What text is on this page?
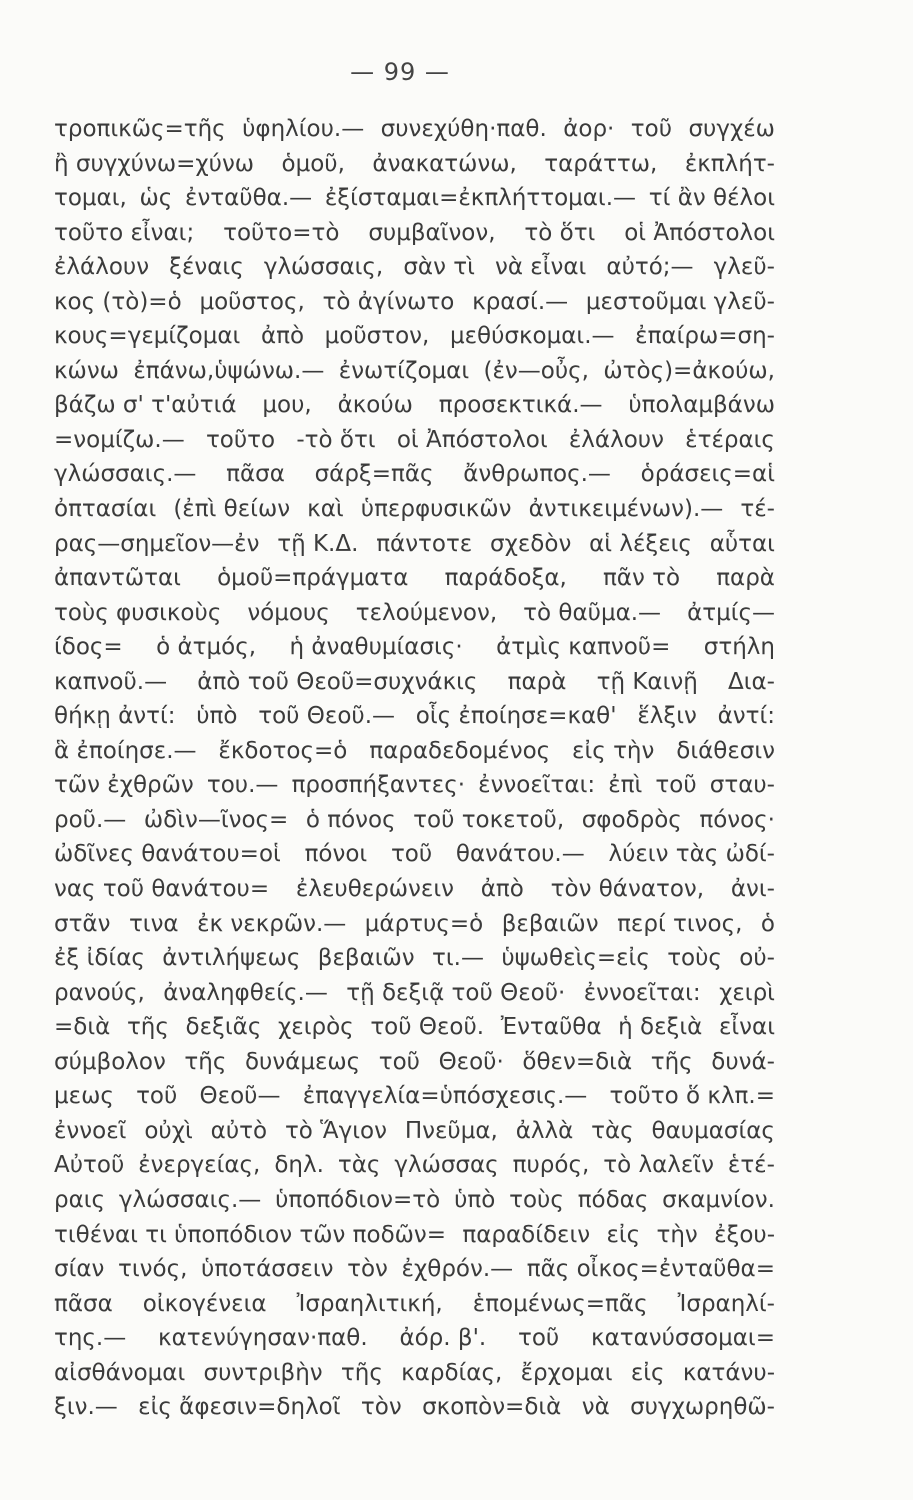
— 99 —
τροπικῶς=τῆς ὑφηλίου.— συνεχύθη·παθ. ἀορ· τοῦ συγχέω
ἢ συγχύνω=χύνω ὁμοῦ, ἀνακατώνω, ταράττω, ἐκπλήτ-
τομαι, ὡς ἐνταῦθα.— ἐξίσταμαι=ἐκπλήττομαι.— τί ἂν θέλοι
τοῦτο εἶναι; τοῦτο=τὸ συμβαῖνον, τὸ ὅτι οἱ Ἀπόστολοι
ἐλάλουν ξέναις γλώσσαις, σὰν τὶ νὰ εἶναι αὐτό;— γλεῦ-
κος (τὸ)=ὁ μοῦστος, τὸ ἀγίνωτο κρασί.— μεστοῦμαι γλεῦ-
κους=γεμίζομαι ἀπὸ μοῦστον, μεθύσκομαι.— ἐπαίρω=ση-
κώνω ἐπάνω,ὑψώνω.— ἐνωτίζομαι (ἐν—οὖς, ὠτὸς)=ἀκούω,
βάζω σ' τ'αὐτιά μου, ἀκούω προσεκτικά.— ὑπολαμβάνω
=νομίζω.— τοῦτο -τὸ ὅτι οἱ Ἀπόστολοι ἐλάλουν ἑτέραις
γλώσσαις.— πᾶσα σάρξ=πᾶς ἄνθρωπος.— ὁράσεις=αἱ
ὀπτασίαι (ἐπὶ θείων καὶ ὑπερφυσικῶν ἀντικειμένων).— τέ-
ρας—σημεῖον—ἐν τῇ Κ.Δ. πάντοτε σχεδὸν αἱ λέξεις αὗται
ἀπαντῶται ὁμοῦ=πράγματα παράδοξα, πᾶν τὸ παρὰ
τοὺς φυσικοὺς νόμους τελούμενον, τὸ θαῦμα.— ἀτμίς—
ίδος= ὁ ἀτμός, ἡ ἀναθυμίασις· ἀτμὶς καπνοῦ= στήλη
καπνοῦ.— ἀπὸ τοῦ Θεοῦ=συχνάκις παρὰ τῇ Καινῇ Δια-
θήκῃ ἀντί: ὑπὸ τοῦ Θεοῦ.— οἷς ἐποίησε=καθ' ἕλξιν ἀντί:
ἃ ἐποίησε.— ἔκδοτος=ὁ παραδεδομένος εἰς τὴν διάθεσιν
τῶν ἐχθρῶν του.— προσπήξαντες· ἐννοεῖται: ἐπὶ τοῦ σταυ-
ροῦ.— ὠδὶν—ῖνος= ὁ πόνος τοῦ τοκετοῦ, σφοδρὸς πόνος·
ὠδῖνες θανάτου=οἱ πόνοι τοῦ θανάτου.— λύειν τὰς ὠδί-
νας τοῦ θανάτου= ἐλευθερώνειν ἀπὸ τὸν θάνατον, ἀνι-
στᾶν τινα ἐκ νεκρῶν.— μάρτυς=ὁ βεβαιῶν περί τινος, ὁ
ἐξ ἰδίας ἀντιλήψεως βεβαιῶν τι.— ὑψωθεὶς=εἰς τοὺς οὐ-
ρανούς, ἀναληφθείς.— τῇ δεξιᾷ τοῦ Θεοῦ· ἐννοεῖται: χειρὶ
=διὰ τῆς δεξιᾶς χειρὸς τοῦ Θεοῦ. Ἐνταῦθα ἡ δεξιὰ εἶναι
σύμβολον τῆς δυνάμεως τοῦ Θεοῦ· ὅθεν=διὰ τῆς δυνά-
μεως τοῦ Θεοῦ— ἐπαγγελία=ὑπόσχεσις.— τοῦτο ὅ κλπ.=
ἐννοεῖ οὐχὶ αὐτὸ τὸ Ἅγιον Πνεῦμα, ἀλλὰ τὰς θαυμασίας
Αὐτοῦ ἐνεργείας, δηλ. τὰς γλώσσας πυρός, τὸ λαλεῖν ἑτέ-
ραις γλώσσαις.— ὑποπόδιον=τὸ ὑπὸ τοὺς πόδας σκαμνίον.
τιθέναι τι ὑποπόδιον τῶν ποδῶν= παραδίδειν εἰς τὴν ἐξου-
σίαν τινός, ὑποτάσσειν τὸν ἐχθρόν.— πᾶς οἶκος=ἐνταῦθα=
πᾶσα οἰκογένεια Ἰσραηλιτική, ἑπομένως=πᾶς Ἰσραηλί-
της.— κατενύγησαν·παθ. ἀόρ. β'. τοῦ κατανύσσομαι=
αἰσθάνομαι συντριβὴν τῆς καρδίας, ἔρχομαι εἰς κατάνυ-
ξιν.— εἰς ἄφεσιν=δηλοῖ τὸν σκοπὸν=διὰ νὰ συγχωρηθῶ-
